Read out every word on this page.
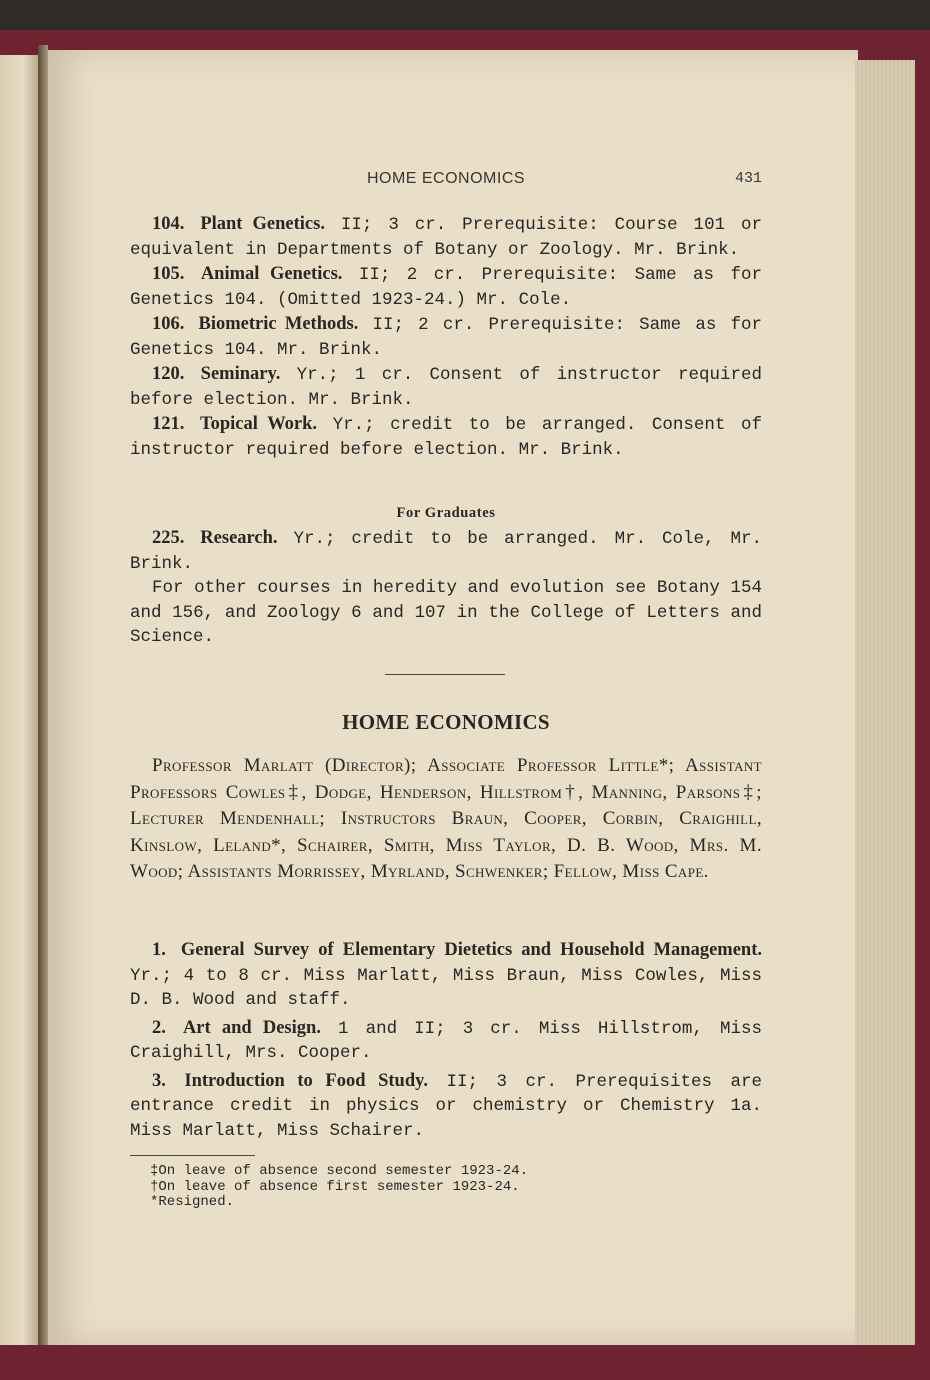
HOME ECONOMICS	431

104. Plant Genetics. II; 3 cr. Prerequisite: Course 101 or equivalent in Departments of Botany or Zoology. Mr. Brink.

105. Animal Genetics. II; 2 cr. Prerequisite: Same as for Genetics 104. (Omitted 1923-24.) Mr. Cole.

106. Biometric Methods. II; 2 cr. Prerequisite: Same as for Genetics 104. Mr. Brink.

120. Seminary. Yr.; 1 cr. Consent of instructor required before election. Mr. Brink.

121. Topical Work. Yr.; credit to be arranged. Consent of instructor required before election. Mr. Brink.

For Graduates

225. Research. Yr.; credit to be arranged. Mr. Cole, Mr. Brink.

For other courses in heredity and evolution see Botany 154 and 156, and Zoology 6 and 107 in the College of Letters and Science.

HOME ECONOMICS

Professor Marlatt (Director); Associate Professor Little*; Assistant Professors Cowles‡, Dodge, Henderson, Hillstrom†, Manning, Parsons‡; Lecturer Mendenhall; Instructors Braun, Cooper, Corbin, Craighill, Kinslow, Leland*, Schairer, Smith, Miss Taylor, D. B. Wood, Mrs. M. Wood; Assistants Morrissey, Myrland, Schwenker; Fellow, Miss Cape.

1. General Survey of Elementary Dietetics and Household Management. Yr.; 4 to 8 cr. Miss Marlatt, Miss Braun, Miss Cowles, Miss D. B. Wood and staff.

2. Art and Design. 1 and II; 3 cr. Miss Hillstrom, Miss Craighill, Mrs. Cooper.

3. Introduction to Food Study. II; 3 cr. Prerequisites are entrance credit in physics or chemistry or Chemistry 1a. Miss Marlatt, Miss Schairer.

‡On leave of absence second semester 1923-24.
†On leave of absence first semester 1923-24.
*Resigned.
